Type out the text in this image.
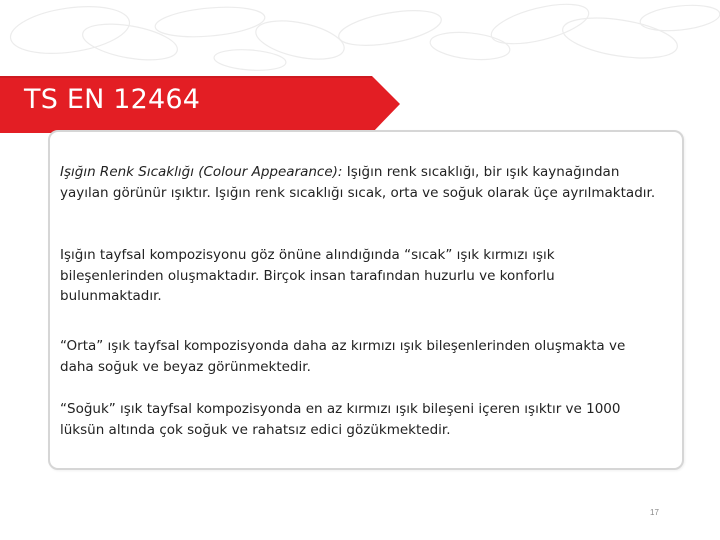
TS EN 12464

Işığın Renk Sıcaklığı (Colour Appearance): Işığın renk sıcaklığı, bir ışık kaynağından yayılan görünür ışıktır. Işığın renk sıcaklığı sıcak, orta ve soğuk olarak üçe ayrılmaktadır.

Işığın tayfsal kompozisyonu göz önüne alındığında “sıcak” ışık kırmızı ışık bileşenlerinden oluşmaktadır. Birçok insan tarafından huzurlu ve konforlu bulunmaktadır.

“Orta” ışık tayfsal kompozisyonda daha az kırmızı ışık bileşenlerinden oluşmakta ve daha soğuk ve beyaz görünmektedir.

“Soğuk” ışık tayfsal kompozisyonda en az kırmızı ışık bileşeni içeren ışıktır ve 1000 lüksün altında çok soğuk ve rahatsız edici gözükmektedir.

17
